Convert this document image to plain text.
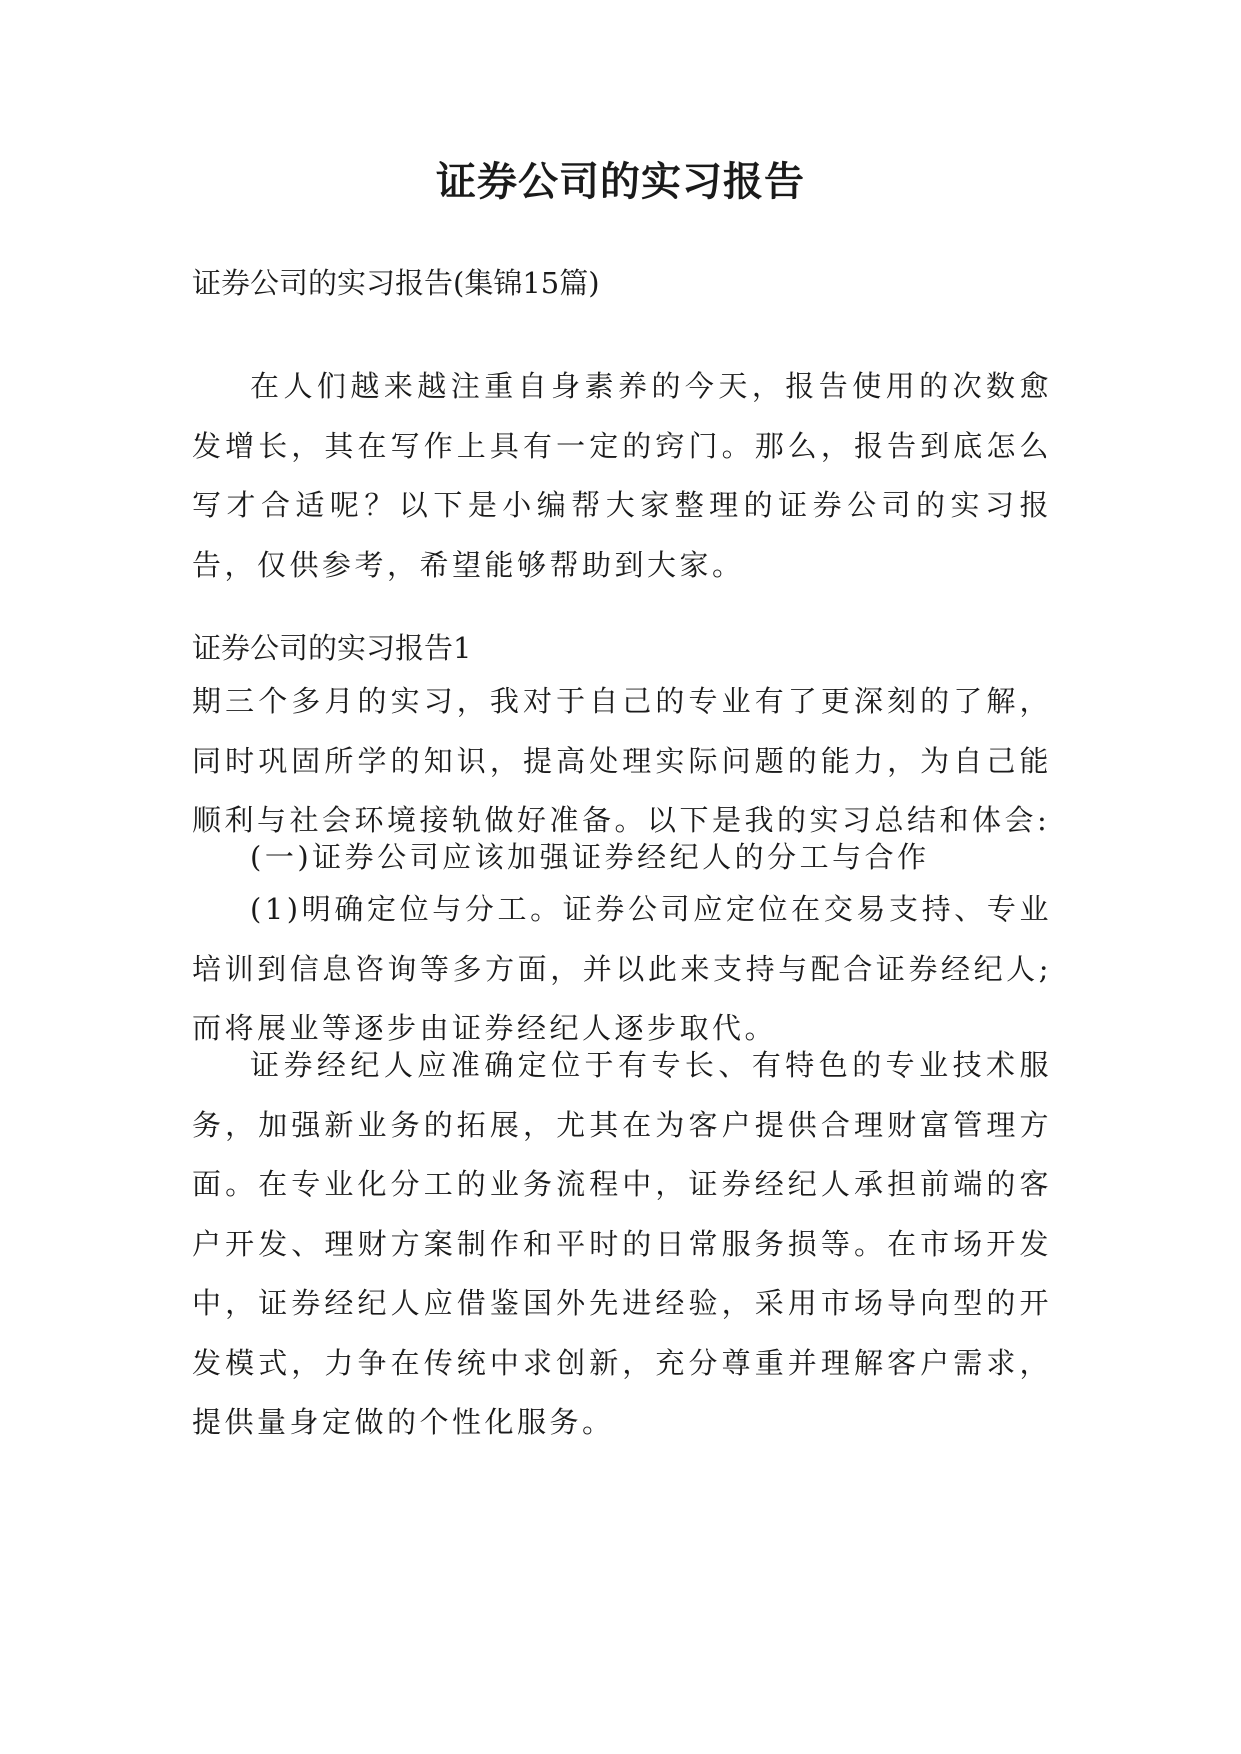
证券公司的实习报告

证券公司的实习报告(集锦15篇)

在人们越来越注重自身素养的今天，报告使用的次数愈发增长，其在写作上具有一定的窍门。那么，报告到底怎么写才合适呢？以下是小编帮大家整理的证券公司的实习报告，仅供参考，希望能够帮助到大家。

证券公司的实习报告1

期三个多月的实习，我对于自己的专业有了更深刻的了解，同时巩固所学的知识，提高处理实际问题的能力，为自己能顺利与社会环境接轨做好准备。以下是我的实习总结和体会:

(一)证券公司应该加强证券经纪人的分工与合作

(1)明确定位与分工。证券公司应定位在交易支持、专业培训到信息咨询等多方面，并以此来支持与配合证券经纪人;而将展业等逐步由证券经纪人逐步取代。

证券经纪人应准确定位于有专长、有特色的专业技术服务，加强新业务的拓展，尤其在为客户提供合理财富管理方面。在专业化分工的业务流程中，证券经纪人承担前端的客户开发、理财方案制作和平时的日常服务损等。在市场开发中，证券经纪人应借鉴国外先进经验，采用市场导向型的开发模式，力争在传统中求创新，充分尊重并理解客户需求，提供量身定做的个性化服务。
